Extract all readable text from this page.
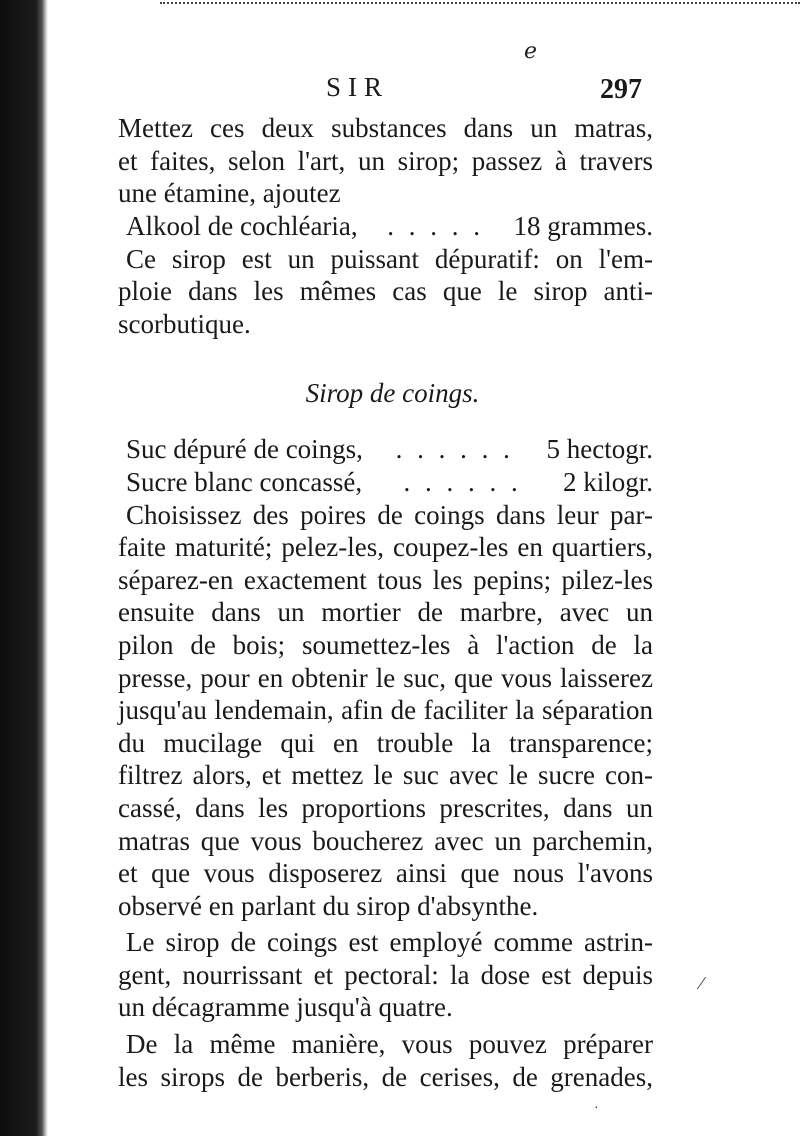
ℯ
⁄
·
SIR	297
Mettez ces deux substances dans un matras,
et faites, selon l'art, un sirop; passez à travers
une étamine, ajoutez
Alkool de cochléaria,	. . . . .	18 grammes.
Ce sirop est un puissant dépuratif: on l'em-
ploie dans les mêmes cas que le sirop anti-
scorbutique.
Sirop de coings.
Suc dépuré de coings,	. . . . . .	5 hectogr.
Sucre blanc concassé,	. . . . . .	2 kilogr.
Choisissez des poires de coings dans leur par-
faite maturité; pelez-les, coupez-les en quartiers,
séparez-en exactement tous les pepins; pilez-les
ensuite dans un mortier de marbre, avec un
pilon de bois; soumettez-les à l'action de la
presse, pour en obtenir le suc, que vous laisserez
jusqu'au lendemain, afin de faciliter la séparation
du mucilage qui en trouble la transparence;
filtrez alors, et mettez le suc avec le sucre con-
cassé, dans les proportions prescrites, dans un
matras que vous boucherez avec un parchemin,
et que vous disposerez ainsi que nous l'avons
observé en parlant du sirop d'absynthe.
Le sirop de coings est employé comme astrin-
gent, nourrissant et pectoral: la dose est depuis
un décagramme jusqu'à quatre.
De la même manière, vous pouvez préparer
les sirops de berberis, de cerises, de grenades,
